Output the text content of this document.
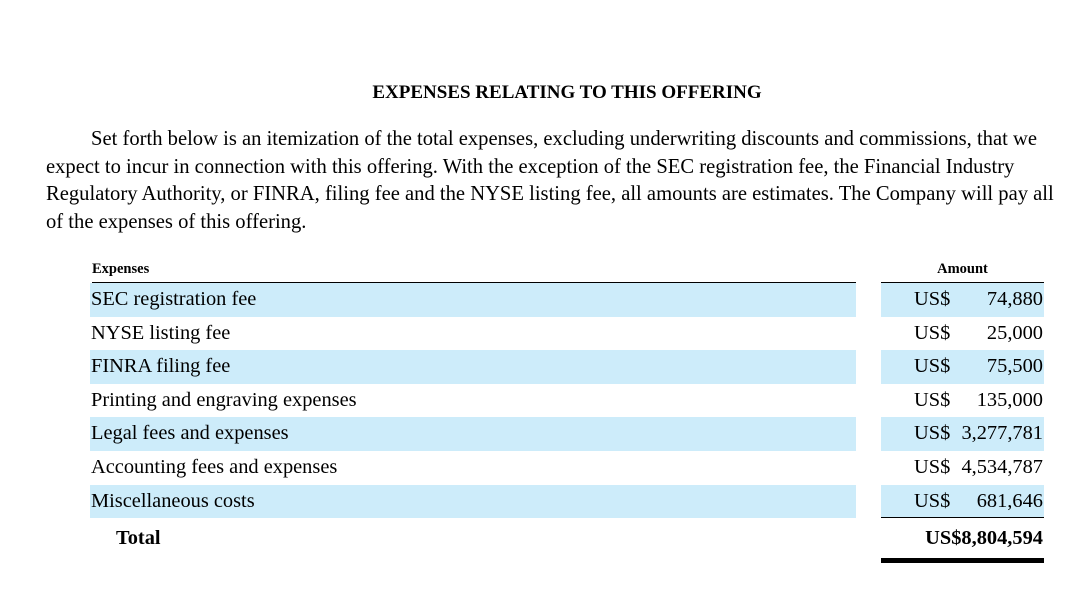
EXPENSES RELATING TO THIS OFFERING
Set forth below is an itemization of the total expenses, excluding underwriting discounts and commissions, that we expect to incur in connection with this offering. With the exception of the SEC registration fee, the Financial Industry Regulatory Authority, or FINRA, filing fee and the NYSE listing fee, all amounts are estimates. The Company will pay all of the expenses of this offering.
Expenses	Amount
SEC registration fee	US$ 74,880
NYSE listing fee	US$ 25,000
FINRA filing fee	US$ 75,500
Printing and engraving expenses	US$ 135,000
Legal fees and expenses	US$ 3,277,781
Accounting fees and expenses	US$ 4,534,787
Miscellaneous costs	US$ 681,646
Total	US$8,804,594
